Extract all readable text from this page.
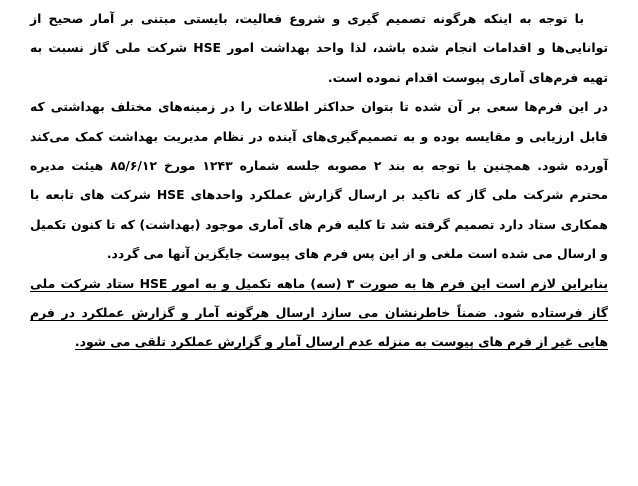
با توجه به اینکه هرگونه تصمیم گیری و شروع فعالیت، بایستی مبتنی بر آمار صحیح از توانایی‌ها و اقدامات انجام شده باشد، لذا واحد بهداشت امور HSE شرکت ملی گاز نسبت به تهیه فرم‌های آماری پیوست اقدام نموده است.

در این فرم‌ها سعی بر آن شده تا بتوان حداکثر اطلاعات را در زمینه‌های مختلف بهداشتی که قابل ارزیابی و مقایسه بوده و به تصمیم‌گیری‌های آینده در نظام مدیریت بهداشت کمک می‌کند آورده شود. همچنین با توجه به بند ۲ مصوبه جلسه شماره ۱۲۴۳ مورخ ۸۵/۶/۱۲ هیئت مدیره محترم شرکت ملی گاز که تاکید بر ارسال گزارش عملکرد واحدهای HSE شرکت های تابعه با همکاری ستاد دارد تصمیم گرفته شد تا کلیه فرم های آماری موجود (بهداشت) که تا کنون تکمیل و ارسال می شده است ملغی و از این پس فرم های پیوست جایگزین آنها می گردد.

بنابراین لازم است این فرم ها به صورت ۳ (سه) ماهه تکمیل و به امور HSE ستاد شرکت ملی گاز فرستاده شود. ضمناً خاطرنشان می سازد ارسال هرگونه آمار و گزارش عملکرد در فرم هایی غیر از فرم های پیوست به منزله عدم ارسال آمار و گزارش عملکرد تلقی می شود.
